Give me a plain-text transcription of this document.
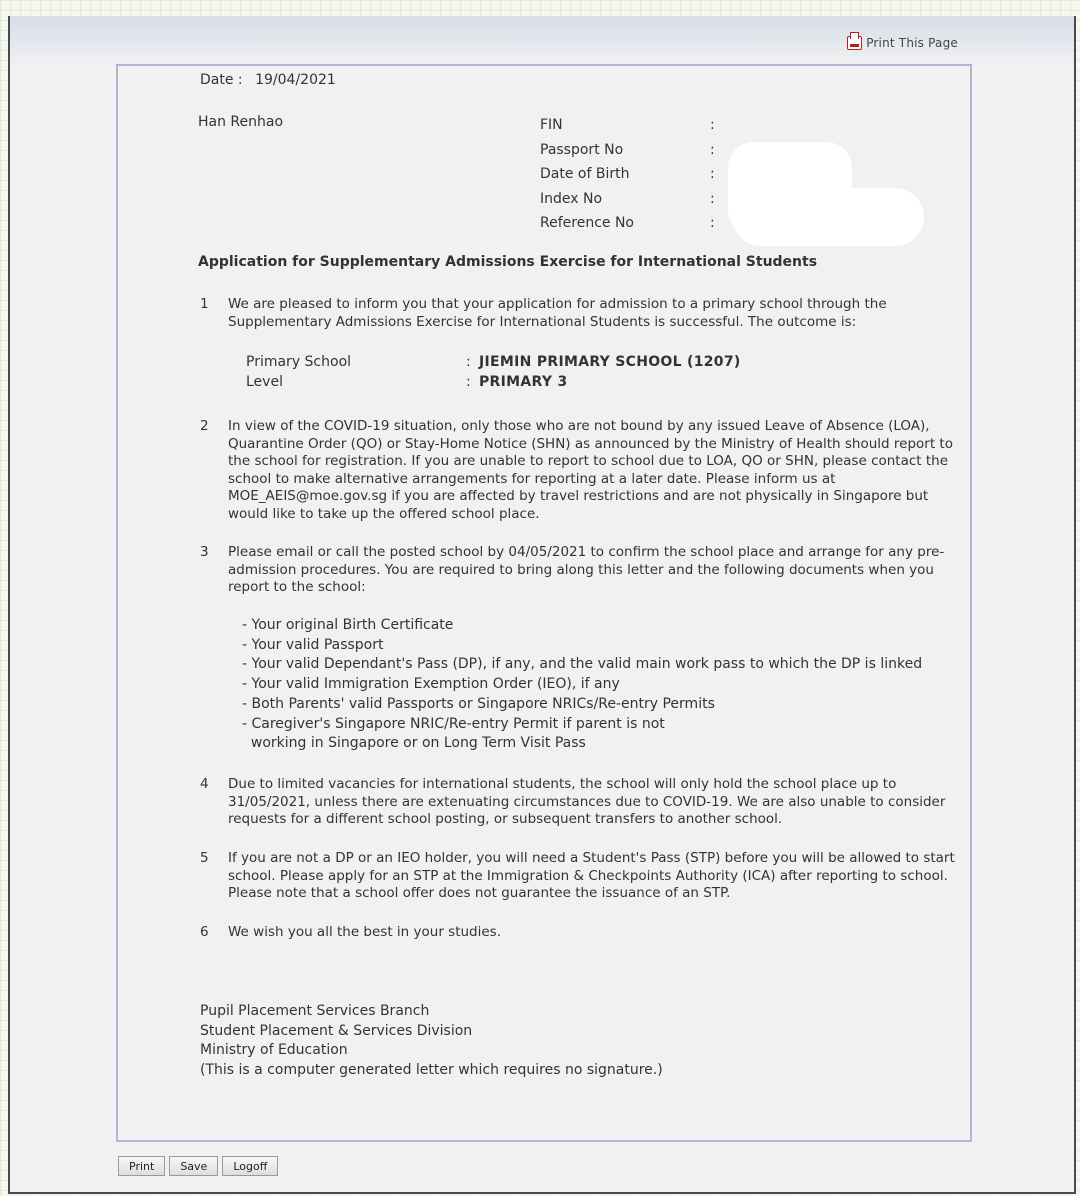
Print This Page
Date : 19/04/2021
Han Renhao	FIN	:
Passport No	:
Date of Birth	:
Index No	:
Reference No	:
Application for Supplementary Admissions Exercise for International Students
1	We are pleased to inform you that your application for admission to a primary school through the Supplementary Admissions Exercise for International Students is successful. The outcome is:
Primary School	: JIEMIN PRIMARY SCHOOL (1207)
Level	: PRIMARY 3
2	In view of the COVID-19 situation, only those who are not bound by any issued Leave of Absence (LOA), Quarantine Order (QO) or Stay-Home Notice (SHN) as announced by the Ministry of Health should report to the school for registration. If you are unable to report to school due to LOA, QO or SHN, please contact the school to make alternative arrangements for reporting at a later date. Please inform us at MOE_AEIS@moe.gov.sg if you are affected by travel restrictions and are not physically in Singapore but would like to take up the offered school place.
3	Please email or call the posted school by 04/05/2021 to confirm the school place and arrange for any pre-admission procedures. You are required to bring along this letter and the following documents when you report to the school:
- Your original Birth Certificate
- Your valid Passport
- Your valid Dependant's Pass (DP), if any, and the valid main work pass to which the DP is linked
- Your valid Immigration Exemption Order (IEO), if any
- Both Parents' valid Passports or Singapore NRICs/Re-entry Permits
- Caregiver's Singapore NRIC/Re-entry Permit if parent is not
working in Singapore or on Long Term Visit Pass
4	Due to limited vacancies for international students, the school will only hold the school place up to 31/05/2021, unless there are extenuating circumstances due to COVID-19. We are also unable to consider requests for a different school posting, or subsequent transfers to another school.
5	If you are not a DP or an IEO holder, you will need a Student's Pass (STP) before you will be allowed to start school. Please apply for an STP at the Immigration & Checkpoints Authority (ICA) after reporting to school. Please note that a school offer does not guarantee the issuance of an STP.
6	We wish you all the best in your studies.
Pupil Placement Services Branch
Student Placement & Services Division
Ministry of Education
(This is a computer generated letter which requires no signature.)
Print	Save	Logoff
